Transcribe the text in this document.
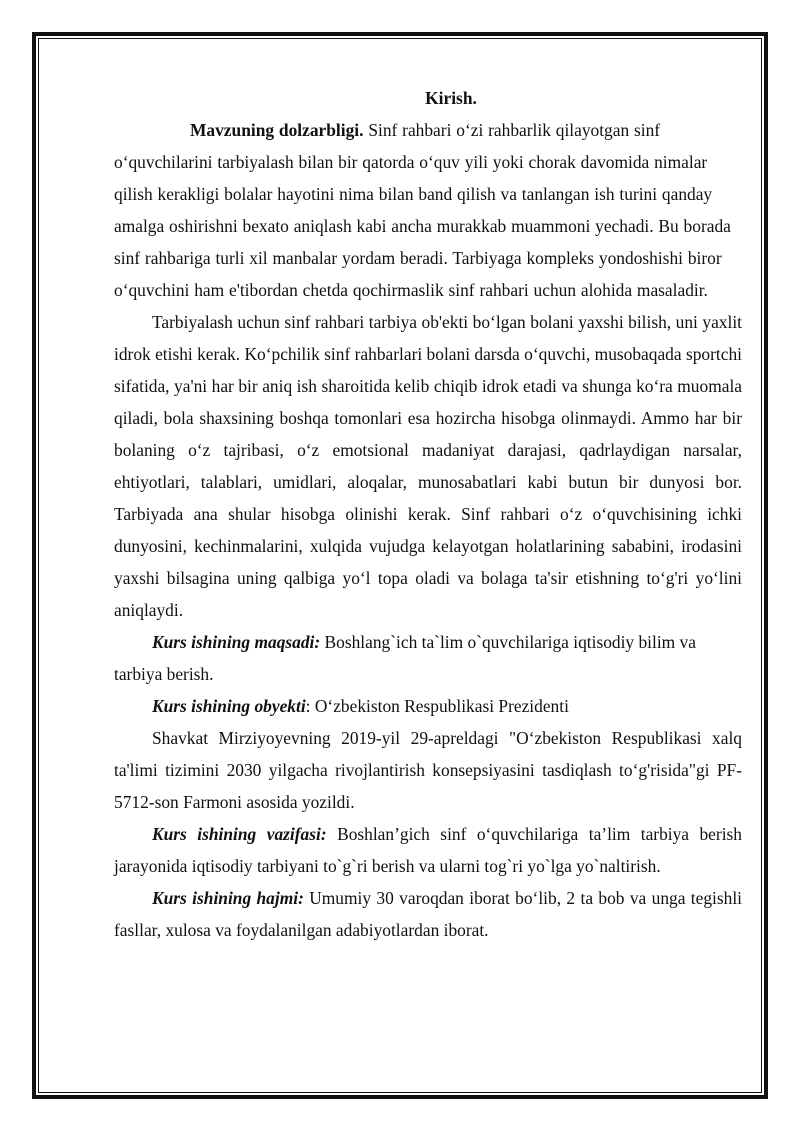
Kirish.

Mavzuning dolzarbligi. Sinf rahbari o‘zi rahbarlik qilayotgan sinf o‘quvchilarini tarbiyalash bilan bir qatorda o‘quv yili yoki chorak davomida nimalar qilish kerakligi bolalar hayotini nima bilan band qilish va tanlangan ish turini qanday amalga oshirishni bexato aniqlash kabi ancha murakkab muammoni yechadi. Bu borada sinf rahbariga turli xil manbalar yordam beradi. Tarbiyaga kompleks yondoshishi biror o‘quvchini ham e'tibordan chetda qochirmaslik sinf rahbari uchun alohida masaladir.

Tarbiyalash uchun sinf rahbari tarbiya ob'ekti bo‘lgan bolani yaxshi bilish, uni yaxlit idrok etishi kerak. Ko‘pchilik sinf rahbarlari bolani darsda o‘quvchi, musobaqada sportchi sifatida, ya'ni har bir aniq ish sharoitida kelib chiqib idrok etadi va shunga ko‘ra muomala qiladi, bola shaxsining boshqa tomonlari esa hozircha hisobga olinmaydi. Ammo har bir bolaning o‘z tajribasi, o‘z emotsional madaniyat darajasi, qadrlaydigan narsalar, ehtiyotlari, talablari, umidlari, aloqalar, munosabatlari kabi butun bir dunyosi bor. Tarbiyada ana shular hisobga olinishi kerak. Sinf rahbari o‘z o‘quvchisining ichki dunyosini, kechinmalarini, xulqida vujudga kelayotgan holatlarining sababini, irodasini yaxshi bilsagina uning qalbiga yo‘l topa oladi va bolaga ta'sir etishning to‘g'ri yo‘lini aniqlaydi.

Kurs ishining maqsadi: Boshlang`ich ta`lim o`quvchilariga iqtisodiy bilim va tarbiya berish.

Kurs ishining obyekti: O‘zbekiston Respublikasi Prezidenti

Shavkat Mirziyoyevning 2019-yil 29-apreldagi "O‘zbekiston Respublikasi xalq ta'limi tizimini 2030 yilgacha rivojlantirish konsepsiyasini tasdiqlash to‘g'risida"gi PF-5712-son Farmoni asosida yozildi.

Kurs ishining vazifasi: Boshlan’gich sinf o‘quvchilariga ta’lim tarbiya berish jarayonida iqtisodiy tarbiyani to`g`ri berish va ularni tog`ri yo`lga yo`naltirish.

Kurs ishining hajmi: Umumiy 30 varoqdan iborat bo‘lib, 2 ta bob va unga tegishli fasllar, xulosa va foydalanilgan adabiyotlardan iborat.
